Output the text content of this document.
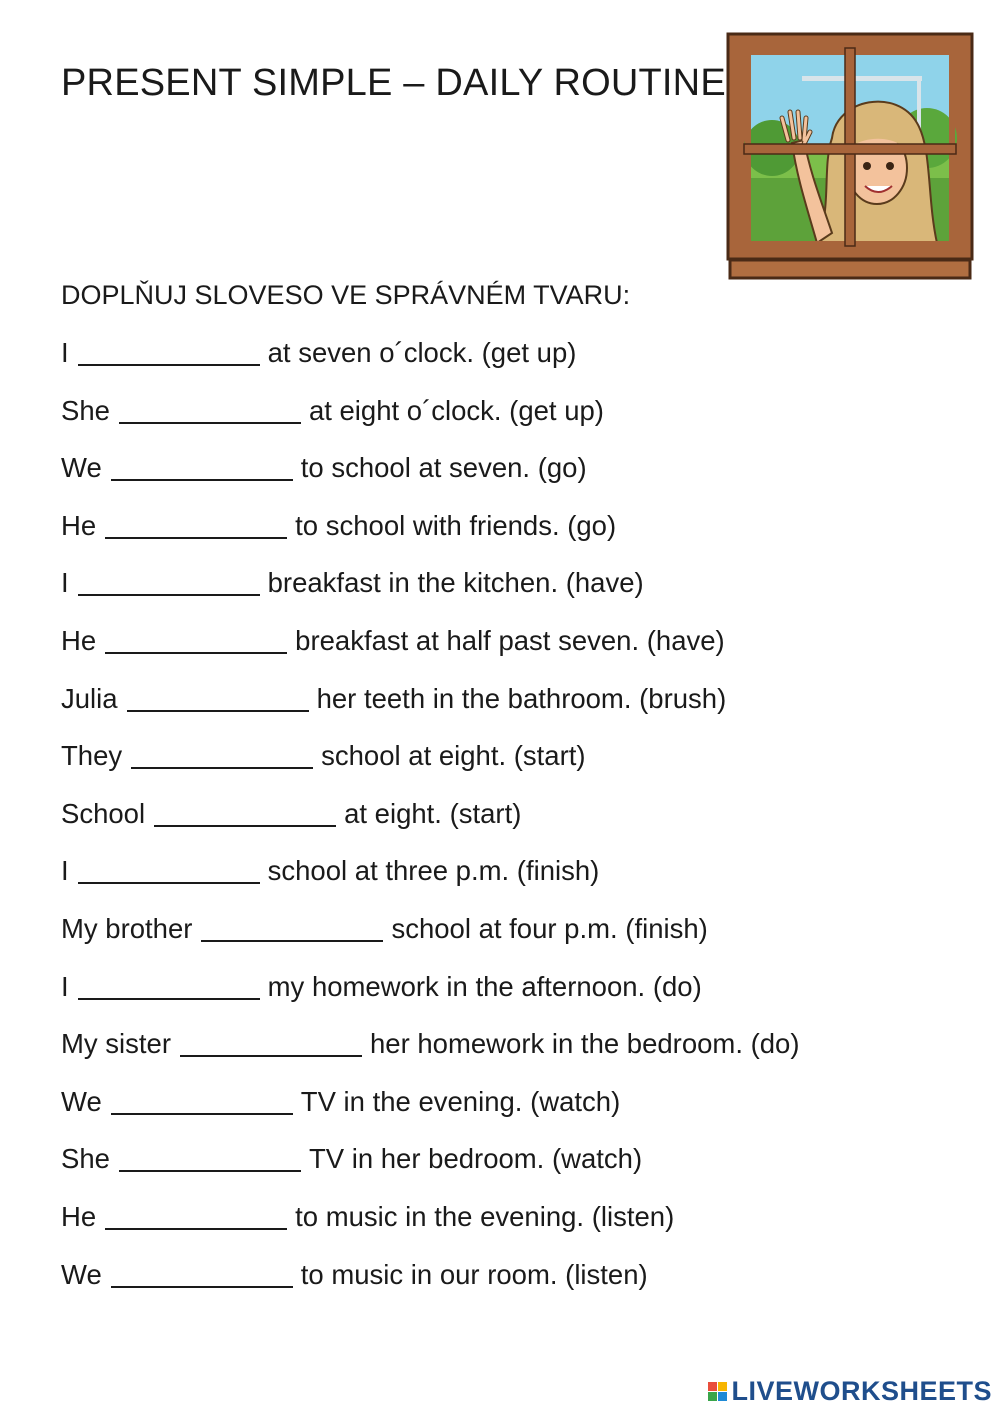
PRESENT SIMPLE – DAILY ROUTINE
DOPLŇUJ SLOVESO VE SPRÁVNÉM TVARU:
I	at seven o´clock. (get up)
She	at eight o´clock. (get up)
We	to school at seven. (go)
He	to school with friends. (go)
I	breakfast in the kitchen. (have)
He	breakfast at half past seven. (have)
Julia	her teeth in the bathroom. (brush)
They	school at eight. (start)
School	at eight. (start)
I	school at three p.m. (finish)
My brother	school at four p.m. (finish)
I	my homework in the afternoon. (do)
My sister	her homework in the bedroom. (do)
We	TV in the evening. (watch)
She	TV in her bedroom. (watch)
He	to music in the evening. (listen)
We	to music in our room. (listen)
LIVEWORKSHEETS
